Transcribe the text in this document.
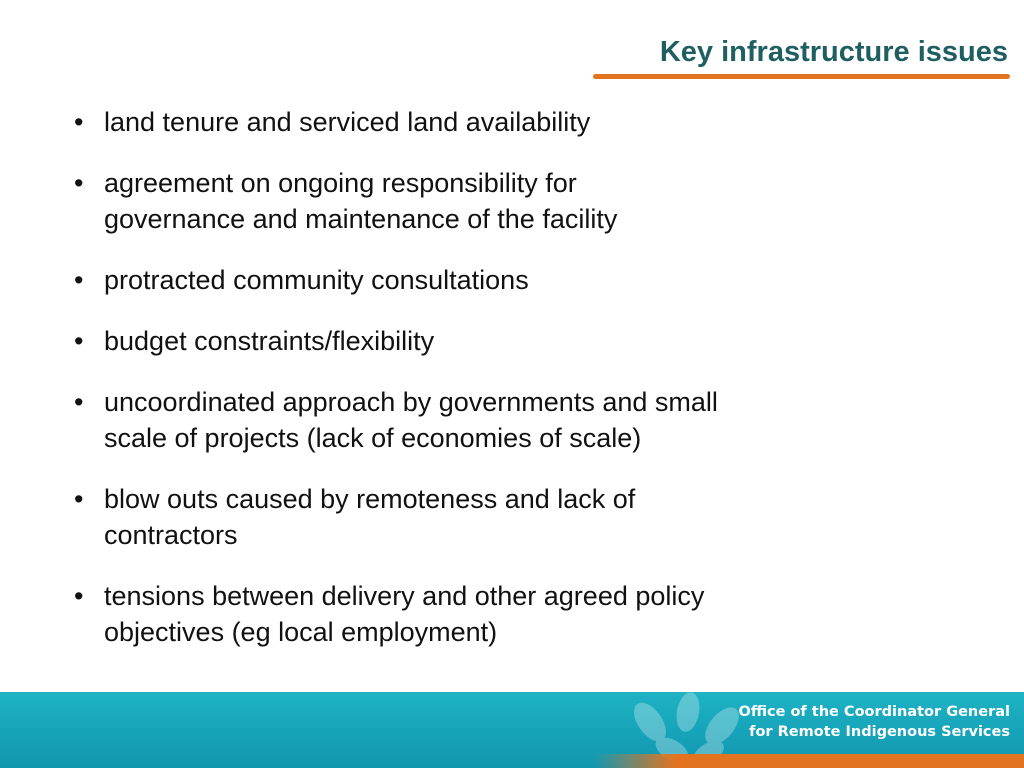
Key infrastructure issues
• land tenure and serviced land availability
• agreement on ongoing responsibility for
governance and maintenance of the facility
• protracted community consultations
• budget constraints/flexibility
• uncoordinated approach by governments and small
scale of projects (lack of economies of scale)
• blow outs caused by remoteness and lack of
contractors
• tensions between delivery and other agreed policy
objectives (eg local employment)
Office of the Coordinator General
for Remote Indigenous Services
